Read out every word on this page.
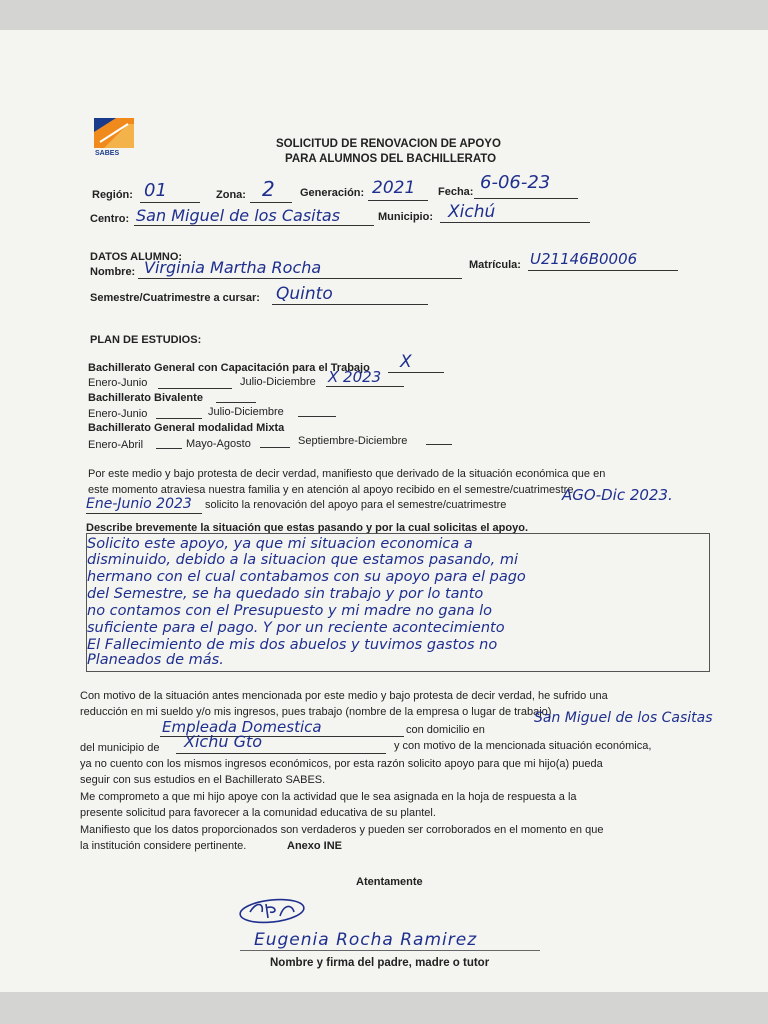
SABES
SOLICITUD DE RENOVACION DE APOYO
PARA ALUMNOS DEL BACHILLERATO
Región: 01	Zona: 2 Generación: 2021 Fecha: 6-06-23
Centro: San Miguel de los Casitas	Municipio: Xichú
DATOS ALUMNO:
Nombre: Virginia Martha Rocha	Matrícula: U21146B0006
Semestre/Cuatrimestre a cursar: Quinto
PLAN DE ESTUDIOS:
Bachillerato General con Capacitación para el Trabajo X
Enero-Junio	Julio-Diciembre X 2023
Bachillerato Bivalente
Enero-Junio	Julio-Diciembre
Bachillerato General modalidad Mixta
Enero-Abril	Mayo-Agosto	Septiembre-Diciembre
Por este medio y bajo protesta de decir verdad, manifiesto que derivado de la situación económica que en
este momento atraviesa nuestra familia y en atención al apoyo recibido en el semestre/cuatrimestre
Ene-Junio 2023 solicito la renovación del apoyo para el semestre/cuatrimestre
AGO-Dic 2023.
Describe brevemente la situación que estas pasando y por la cual solicitas el apoyo.
Solicito este apoyo, ya que mi situacion economica a
disminuido, debido a la situacion que estamos pasando, mi
hermano con el cual contabamos con su apoyo para el pago
del Semestre, se ha quedado sin trabajo y por lo tanto
no contamos con el Presupuesto y mi madre no gana lo
suficiente para el pago. Y por un reciente acontecimiento
El Fallecimiento de mis dos abuelos y tuvimos gastos no
Planeados de más.
Con motivo de la situación antes mencionada por este medio y bajo protesta de decir verdad, he sufrido una
reducción en mi sueldo y/o mis ingresos, pues trabajo (nombre de la empresa o lugar de trabajo)
Empleada Domestica	con domicilio en
San Miguel de los Casitas
del municipio de Xichu Gto	y con motivo de la mencionada situación económica,
ya no cuento con los mismos ingresos económicos, por esta razón solicito apoyo para que mi hijo(a) pueda
seguir con sus estudios en el Bachillerato SABES.
Me comprometo a que mi hijo apoye con la actividad que le sea asignada en la hoja de respuesta a la
presente solicitud para favorecer a la comunidad educativa de su plantel.
Manifiesto que los datos proporcionados son verdaderos y pueden ser corroborados en el momento en que
la institución considere pertinente.	Anexo INE
Atentamente
Eugenia Rocha Ramirez
Nombre y firma del padre, madre o tutor
